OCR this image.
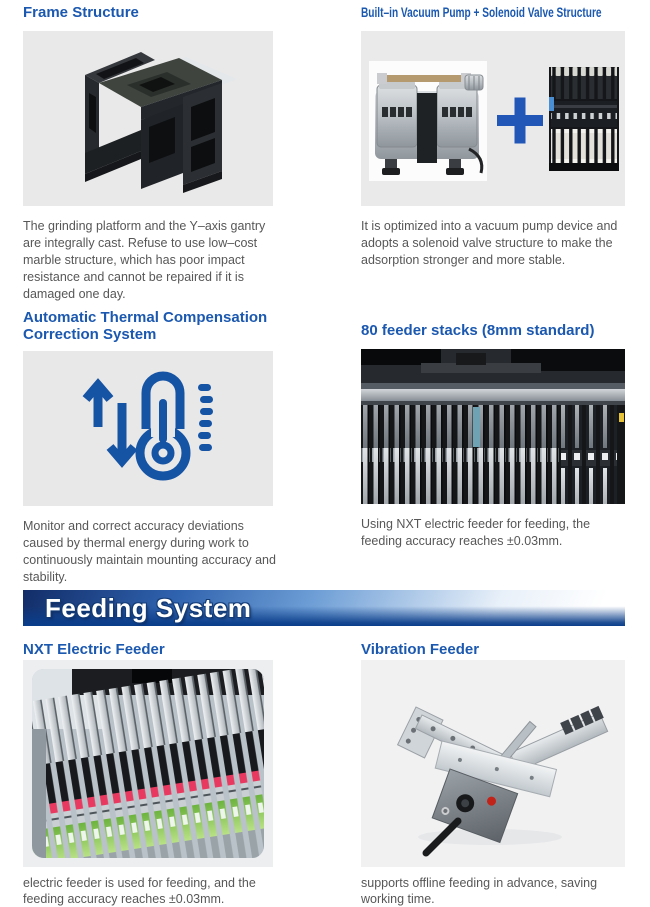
Frame Structure

The grinding platform and the Y–axis gantry are integrally cast. Refuse to use low–cost marble structure, which has poor impact resistance and cannot be repaired if it is damaged one day.

Built–in Vacuum Pump + Solenoid Valve Structure

It is optimized into a vacuum pump device and adopts a solenoid valve structure to make the adsorption stronger and more stable.

Automatic Thermal Compensation Correction System

Monitor and correct accuracy deviations caused by thermal energy during work to continuously maintain mounting accuracy and stability.

80 feeder stacks (8mm standard)

Using NXT electric feeder for feeding, the feeding accuracy reaches ±0.03mm.

Feeding System
NXT Electric Feeder

electric feeder is used for feeding, and the feeding accuracy reaches ±0.03mm.

Vibration Feeder

supports offline feeding in advance, saving working time.
